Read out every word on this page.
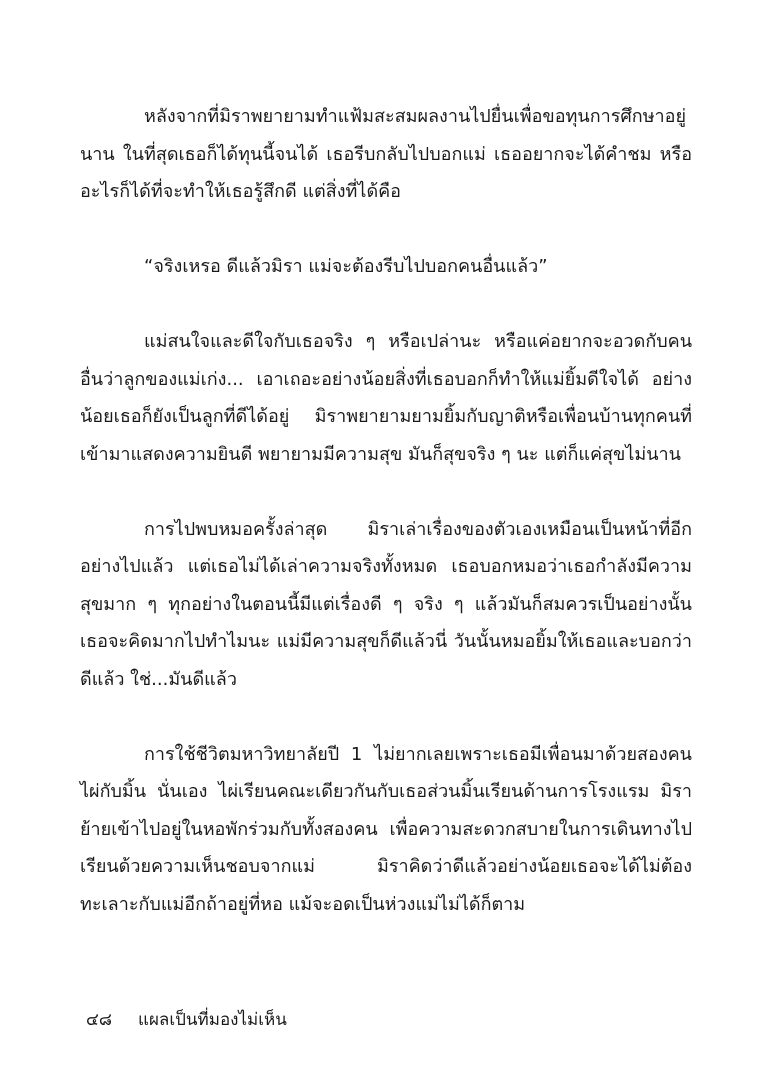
หลังจากที่มิราพยายามทำแฟ้มสะสมผลงานไปยื่นเพื่อขอทุนการศึกษาอยู่นาน ในที่สุดเธอก็ได้ทุนนี้จนได้ เธอรีบกลับไปบอกแม่ เธออยากจะได้คำชม หรืออะไรก็ได้ที่จะทำให้เธอรู้สึกดี แต่สิ่งที่ได้คือ

“จริงเหรอ ดีแล้วมิรา แม่จะต้องรีบไปบอกคนอื่นแล้ว”

แม่สนใจและดีใจกับเธอจริง ๆ หรือเปล่านะ หรือแค่อยากจะอวดกับคนอื่นว่าลูกของแม่เก่ง... เอาเถอะอย่างน้อยสิ่งที่เธอบอกก็ทำให้แม่ยิ้มดีใจได้ อย่างน้อยเธอก็ยังเป็นลูกที่ดีได้อยู่ มิราพยายามยามยิ้มกับญาติหรือเพื่อนบ้านทุกคนที่เข้ามาแสดงความยินดี พยายามมีความสุข มันก็สุขจริง ๆ นะ แต่ก็แค่สุขไม่นาน

การไปพบหมอครั้งล่าสุด มิราเล่าเรื่องของตัวเองเหมือนเป็นหน้าที่อีกอย่างไปแล้ว แต่เธอไม่ได้เล่าความจริงทั้งหมด เธอบอกหมอว่าเธอกำลังมีความสุขมาก ๆ ทุกอย่างในตอนนี้มีแต่เรื่องดี ๆ จริง ๆ แล้วมันก็สมควรเป็นอย่างนั้น เธอจะคิดมากไปทำไมนะ แม่มีความสุขก็ดีแล้วนี่ วันนั้นหมอยิ้มให้เธอและบอกว่าดีแล้ว ใช่...มันดีแล้ว

การใช้ชีวิตมหาวิทยาลัยปี 1 ไม่ยากเลยเพราะเธอมีเพื่อนมาด้วยสองคน ไผ่กับมิ้น นั่นเอง ไผ่เรียนคณะเดียวกันกับเธอส่วนมิ้นเรียนด้านการโรงแรม มิราย้ายเข้าไปอยู่ในหอพักร่วมกับทั้งสองคน เพื่อความสะดวกสบายในการเดินทางไปเรียนด้วยความเห็นชอบจากแม่ มิราคิดว่าดีแล้วอย่างน้อยเธอจะได้ไม่ต้องทะเลาะกับแม่อีกถ้าอยู่ที่หอ แม้จะอดเป็นห่วงแม่ไม่ได้ก็ตาม

๔๘ แผลเป็นที่มองไม่เห็น
